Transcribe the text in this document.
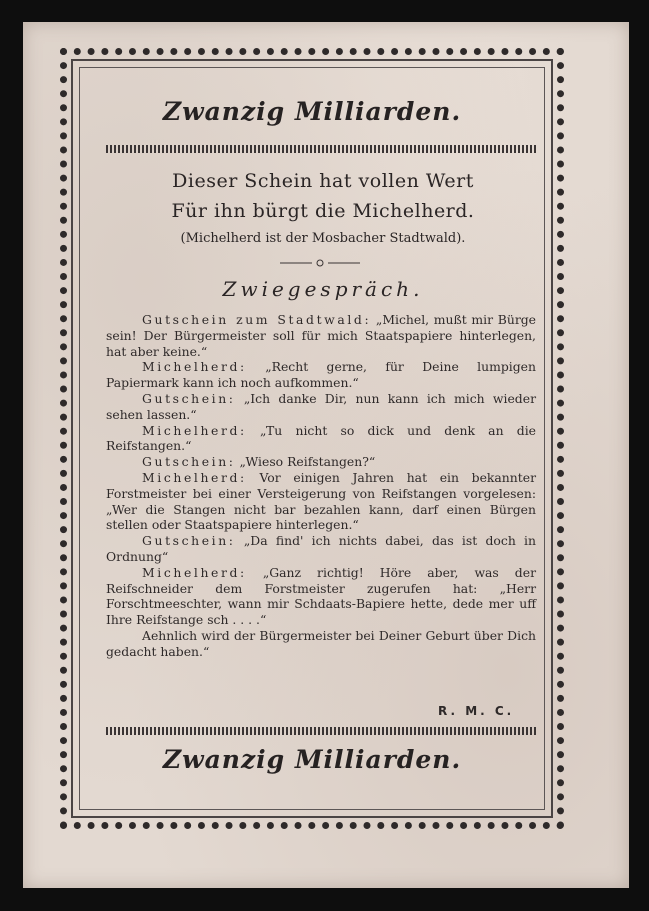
Zwanzig Milliarden.
Dieser Schein hat vollen Wert
Für ihn bürgt die Michelherd.
(Michelherd ist der Mosbacher Stadtwald).
Zwiegespräch.

Gutschein zum Stadtwald: „Michel, mußt mir Bürge sein! Der Bürgermeister soll für mich Staatspapiere hinterlegen, hat aber keine.“

Michelherd: „Recht gerne, für Deine lumpigen Papiermark kann ich noch aufkommen.“

Gutschein: „Ich danke Dir, nun kann ich mich wieder sehen lassen.“

Michelherd: „Tu nicht so dick und denk an die Reifstangen.“

Gutschein: „Wieso Reifstangen?“

Michelherd: Vor einigen Jahren hat ein bekannter Forstmeister bei einer Versteigerung von Reifstangen vorgelesen: „Wer die Stangen nicht bar bezahlen kann, darf einen Bürgen stellen oder Staatspapiere hinterlegen.“

Gutschein: „Da find' ich nichts dabei, das ist doch in Ordnung“

Michelherd: „Ganz richtig! Höre aber, was der Reifschneider dem Forstmeister zugerufen hat: „Herr Forschtmeeschter, wann mir Schdaats-Bapiere hette, dede mer uff Ihre Reifstange sch . . . .“

Aehnlich wird der Bürgermeister bei Deiner Geburt über Dich gedacht haben.“

R. M. C.
Zwanzig Milliarden.
